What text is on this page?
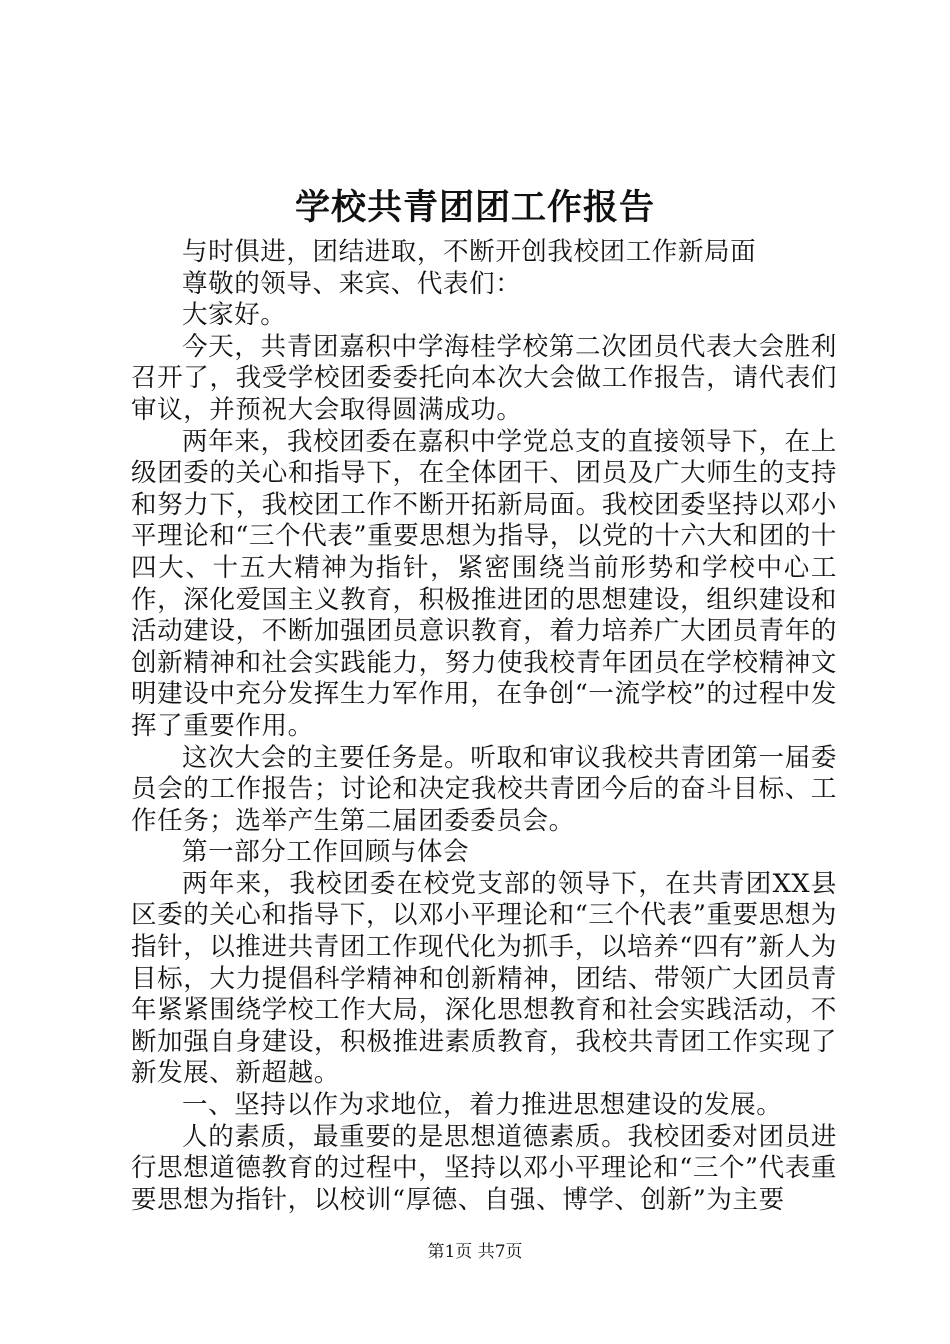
学校共青团团工作报告

与时俱进，团结进取，不断开创我校团工作新局面

尊敬的领导、来宾、代表们：

大家好。

今天，共青团嘉积中学海桂学校第二次团员代表大会胜利召开了，我受学校团委委托向本次大会做工作报告，请代表们审议，并预祝大会取得圆满成功。

两年来，我校团委在嘉积中学党总支的直接领导下，在上级团委的关心和指导下，在全体团干、团员及广大师生的支持和努力下，我校团工作不断开拓新局面。我校团委坚持以邓小平理论和“三个代表”重要思想为指导，以党的十六大和团的十四大、十五大精神为指针，紧密围绕当前形势和学校中心工作，深化爱国主义教育，积极推进团的思想建设，组织建设和活动建设，不断加强团员意识教育，着力培养广大团员青年的创新精神和社会实践能力，努力使我校青年团员在学校精神文明建设中充分发挥生力军作用，在争创“一流学校”的过程中发挥了重要作用。

这次大会的主要任务是。听取和审议我校共青团第一届委员会的工作报告；讨论和决定我校共青团今后的奋斗目标、工作任务；选举产生第二届团委委员会。

第一部分工作回顾与体会

两年来，我校团委在校党支部的领导下，在共青团XX县区委的关心和指导下，以邓小平理论和“三个代表”重要思想为指针，以推进共青团工作现代化为抓手，以培养“四有”新人为目标，大力提倡科学精神和创新精神，团结、带领广大团员青年紧紧围绕学校工作大局，深化思想教育和社会实践活动，不断加强自身建设，积极推进素质教育，我校共青团工作实现了新发展、新超越。

一、坚持以作为求地位，着力推进思想建设的发展。

人的素质，最重要的是思想道德素质。我校团委对团员进行思想道德教育的过程中，坚持以邓小平理论和“三个”代表重要思想为指针，以校训“厚德、自强、博学、创新”为主要

第1页 共7页
